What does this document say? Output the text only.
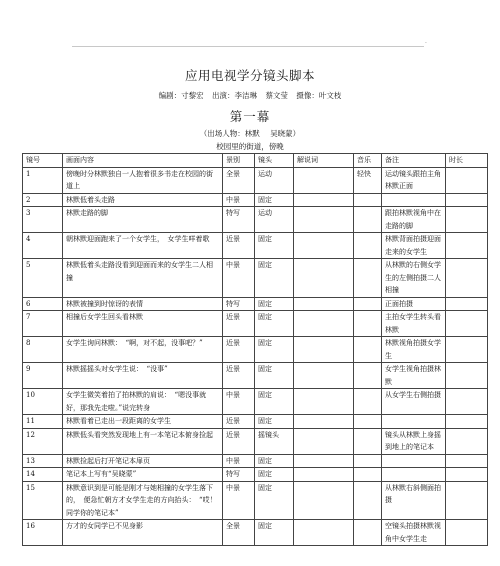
·
应用电视学分镜头脚本
编剧：寸黎宏 出演：李洁琳 蔡文莹 摄像：叶文枝
第一幕
（出场人物：林默 吴晓蒙）
校园里的街道，傍晚
镜号	画面内容	景别	镜头	解说词	音乐	备注	时长
1	傍晚时分林默独自一人抱着很多书走在校园的街道上	全景	运动		轻快	运动镜头跟拍主角林默正面	
2	林默低着头走路	中景	固定				
3	林默走路的脚	特写	运动			跟拍林默视角中在走路的脚	
4	朝林默迎面跑来了一个女学生，　女学生咩着歌	近景	固定			林默背面拍摄迎面走来的女学生	
5	林默低着头走路没看到迎面而来的女学生二人相撞	中景	固定			从林默的右侧女学生的左侧拍摄二人相撞	
6	林默被撞到时惊讶的表情	特写	固定			正面拍摄	
7	相撞后女学生回头看林默	近景	固定			主拍女学生转头看林默	
8	女学生询问林默：　“啊，对不起，没事吧？”	近景	固定			林默视角拍摄女学生	
9	林默摇摇头对女学生说：　“没事”	近景	固定			女学生视角拍摄林默	
10	女学生微笑着拍了拍林默的肩说：　“嗯没事就好，那我先走啦。”说完转身	中景	固定			从女学生右侧拍摄	
11	林默看着已走出一段距离的女学生	近景	固定				
12	林默低头看突然发现地上有一本笔记本俯身捡起	近景	摇镜头			镜头从林默上身摇到地上的笔记本	
13	林默捡起后打开笔记本扉页	中景	固定				
14	笔记本上写有“吴晓蒙”	特写	固定				
15	林默意识到是可能是刚才与她相撞的女学生落下的，　便急忙朝方才女学生走的方向抬头：　“哎！同学你的笔记本”	中景	固定			从林默右斜侧面拍摄	
16	方才的女同学已不见身影	全景	固定			空镜头拍摄林默视角中女学生走	
